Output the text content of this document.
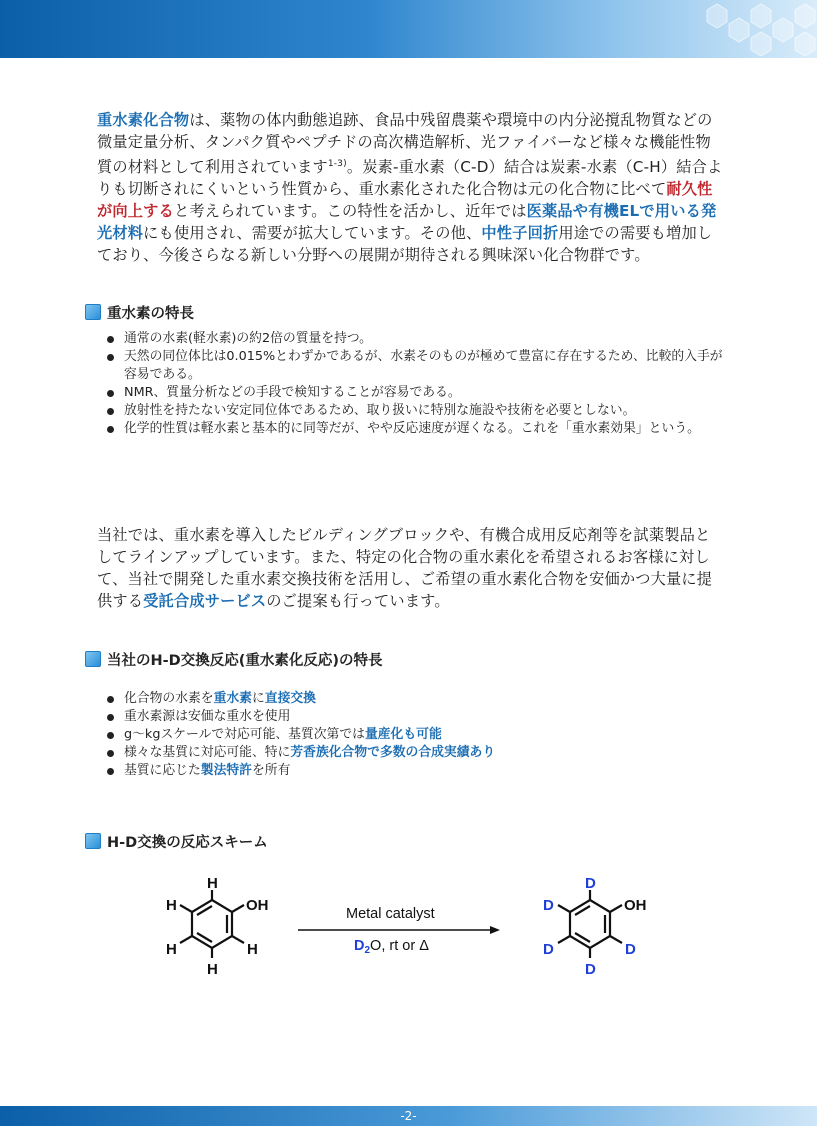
重水素化合物は、薬物の体内動態追跡、食品中残留農薬や環境中の内分泌撹乱物質などの微量定量分析、タンパク質やペプチドの高次構造解析、光ファイバーなど様々な機能性物質の材料として利用されています$^{1-3)}$。炭素-重水素（C-D）結合は炭素-水素（C-H）結合よりも切断されにくいという性質から、重水素化された化合物は元の化合物に比べて耐久性が向上すると考えられています。この特性を活かし、近年では医薬品や有機ELで用いる発光材料にも使用され、需要が拡大しています。その他、中性子回折用途での需要も増加しており、今後さらなる新しい分野への展開が期待される興味深い化合物群です。

重水素の特長
通常の水素(軽水素)の約2倍の質量を持つ。
天然の同位体比は0.015%とわずかであるが、水素そのものが極めて豊富に存在するため、比較的入手が容易である。
NMR、質量分析などの手段で検知することが容易である。
放射性を持たない安定同位体であるため、取り扱いに特別な施設や技術を必要としない。
化学的性質は軽水素と基本的に同等だが、やや反応速度が遅くなる。これを「重水素効果」という。

当社では、重水素を導入したビルディングブロックや、有機合成用反応剤等を試薬製品としてラインアップしています。また、特定の化合物の重水素化を希望されるお客様に対して、当社で開発した重水素交換技術を活用し、ご希望の重水素化合物を安価かつ大量に提供する受託合成サービスのご提案も行っています。

当社のH-D交換反応(重水素化反応)の特長
化合物の水素を重水素に直接交換
重水素源は安価な重水を使用
g～kgスケールで対応可能、基質次第では量産化も可能
様々な基質に対応可能、特に芳香族化合物で多数の合成実績あり
基質に応じた製法特許を所有
H-D交換の反応スキーム
H
OH
H
H
H
H
Metal catalyst
$D_2O$, rt or Δ
D
D
D
D
D
OH
-2-
